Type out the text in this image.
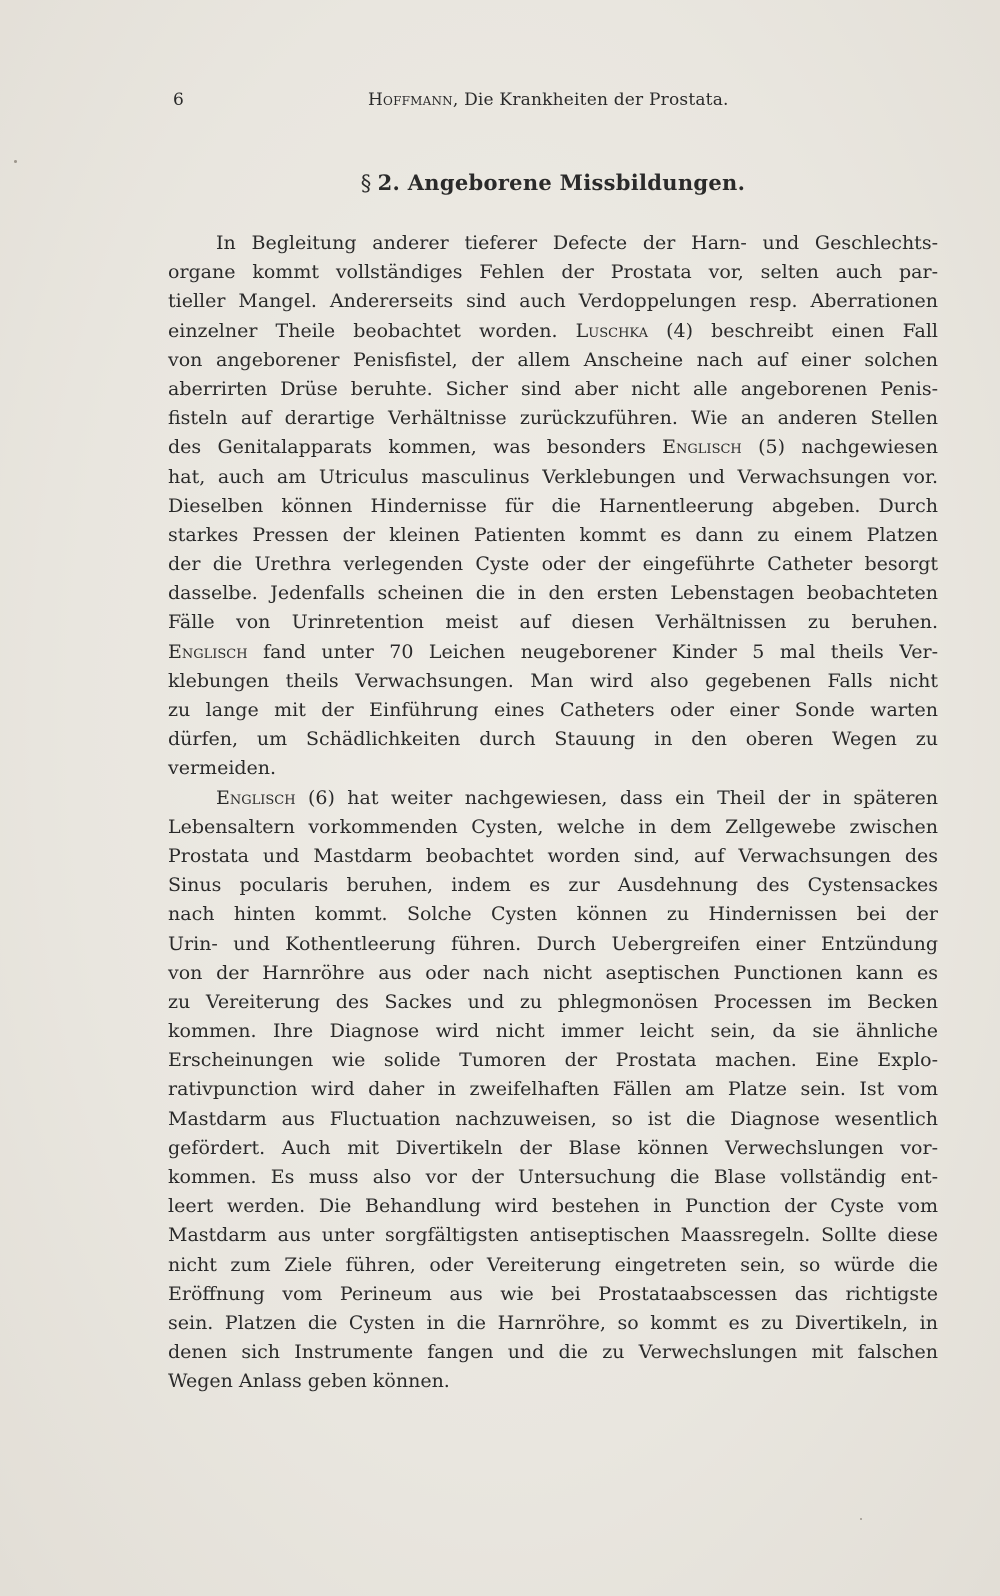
6	Hoffmann, Die Krankheiten der Prostata.
§ 2. Angeborene Missbildungen.
In Begleitung anderer tieferer Defecte der Harn- und Geschlechts-
organe kommt vollständiges Fehlen der Prostata vor, selten auch par-
tieller Mangel. Andererseits sind auch Verdoppelungen resp. Aberrationen
einzelner Theile beobachtet worden. Luschka (4) beschreibt einen Fall
von angeborener Penisfistel, der allem Anscheine nach auf einer solchen
aberrirten Drüse beruhte. Sicher sind aber nicht alle angeborenen Penis-
fisteln auf derartige Verhältnisse zurückzuführen. Wie an anderen Stellen
des Genitalapparats kommen, was besonders Englisch (5) nachgewiesen
hat, auch am Utriculus masculinus Verklebungen und Verwachsungen vor.
Dieselben können Hindernisse für die Harnentleerung abgeben. Durch
starkes Pressen der kleinen Patienten kommt es dann zu einem Platzen
der die Urethra verlegenden Cyste oder der eingeführte Catheter besorgt
dasselbe. Jedenfalls scheinen die in den ersten Lebenstagen beobachteten
Fälle von Urinretention meist auf diesen Verhältnissen zu beruhen.
Englisch fand unter 70 Leichen neugeborener Kinder 5 mal theils Ver-
klebungen theils Verwachsungen. Man wird also gegebenen Falls nicht
zu lange mit der Einführung eines Catheters oder einer Sonde warten
dürfen, um Schädlichkeiten durch Stauung in den oberen Wegen zu
vermeiden.
Englisch (6) hat weiter nachgewiesen, dass ein Theil der in späteren
Lebensaltern vorkommenden Cysten, welche in dem Zellgewebe zwischen
Prostata und Mastdarm beobachtet worden sind, auf Verwachsungen des
Sinus pocularis beruhen, indem es zur Ausdehnung des Cystensackes
nach hinten kommt. Solche Cysten können zu Hindernissen bei der
Urin- und Kothentleerung führen. Durch Uebergreifen einer Entzündung
von der Harnröhre aus oder nach nicht aseptischen Punctionen kann es
zu Vereiterung des Sackes und zu phlegmonösen Processen im Becken
kommen. Ihre Diagnose wird nicht immer leicht sein, da sie ähnliche
Erscheinungen wie solide Tumoren der Prostata machen. Eine Explo-
rativpunction wird daher in zweifelhaften Fällen am Platze sein. Ist vom
Mastdarm aus Fluctuation nachzuweisen, so ist die Diagnose wesentlich
gefördert. Auch mit Divertikeln der Blase können Verwechslungen vor-
kommen. Es muss also vor der Untersuchung die Blase vollständig ent-
leert werden. Die Behandlung wird bestehen in Punction der Cyste vom
Mastdarm aus unter sorgfältigsten antiseptischen Maassregeln. Sollte diese
nicht zum Ziele führen, oder Vereiterung eingetreten sein, so würde die
Eröffnung vom Perineum aus wie bei Prostataabscessen das richtigste
sein. Platzen die Cysten in die Harnröhre, so kommt es zu Divertikeln, in
denen sich Instrumente fangen und die zu Verwechslungen mit falschen
Wegen Anlass geben können.
